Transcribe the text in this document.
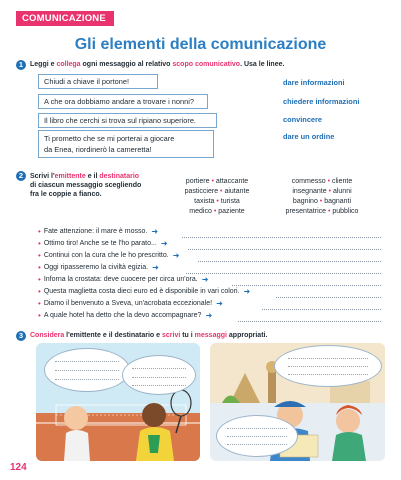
COMUNICAZIONE
Gli elementi della comunicazione
1 Leggi e collega ogni messaggio al relativo scopo comunicativo. Usa le linee.
Chiudi a chiave il portone!
A che ora dobbiamo andare a trovare i nonni?
Il libro che cerchi si trova sul ripiano superiore.
Ti prometto che se mi porterai a giocare
da Enea, riordinerò la cameretta!
dare informazioni
chiedere informazioni
convincere
dare un ordine
2 Scrivi l'emittente e il destinatario
di ciascun messaggio scegliendo
fra le coppie a fianco.
portiere • attaccante
pasticciere • aiutante
taxista • turista
medico • paziente
commesso • cliente
insegnante • alunni
bagnino • bagnanti
presentatrice • pubblico
• Fate attenzione: il mare è mosso. ➜
• Ottimo tiro! Anche se te l'ho parato... ➜
• Continui con la cura che le ho prescritto. ➜
• Oggi ripasseremo la civiltà egizia. ➜
• Inforna la crostata: deve cuocere per circa un'ora. ➜
• Questa maglietta costa dieci euro ed è disponibile in vari colori. ➜
• Diamo il benvenuto a Sveva, un'acrobata eccezionale! ➜
• A quale hotel ha detto che la devo accompagnare? ➜
3 Considera l'emittente e il destinatario e scrivi tu i messaggi appropriati.
124
